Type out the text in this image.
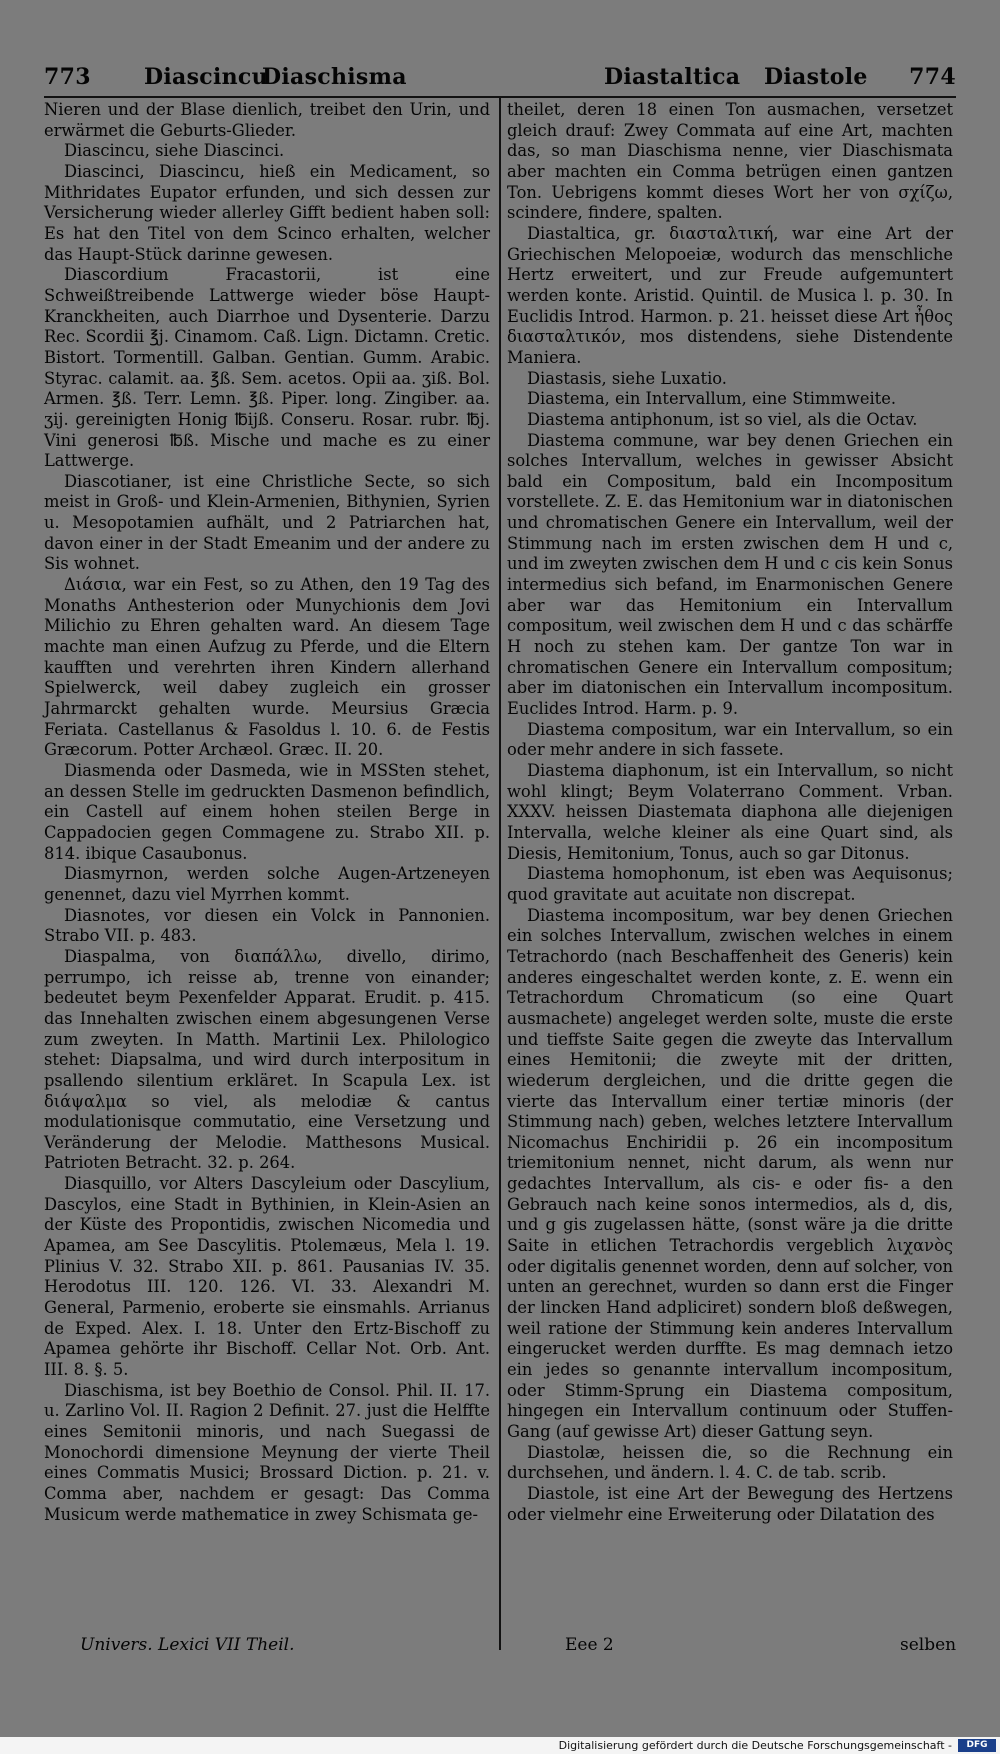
773 Diascincu
Diaschisma	Diastaltica Diastole 774

Nieren und der Blase dienlich, treibet den Urin, und erwärmet die Geburts-Glieder.

Diascincu, siehe Diascinci.

Diascinci, Diascincu, hieß ein Medicament, so Mithridates Eupator erfunden, und sich dessen zur Versicherung wieder allerley Gifft bedient haben soll: Es hat den Titel von dem Scinco erhalten, welcher das Haupt-Stück darinne gewesen.

Diascordium Fracastorii, ist eine Schweißtreibende Lattwerge wieder böse Haupt-Kranckheiten, auch Diarrhoe und Dysenterie. Darzu Rec. Scordii ℥j. Cinamom. Caß. Lign. Dictamn. Cretic. Bistort. Tormentill. Galban. Gentian. Gumm. Arabic. Styrac. calamit. aa. ℥ß. Sem. acetos. Opii aa. ʒiß. Bol. Armen. ℥ß. Terr. Lemn. ℥ß. Piper. long. Zingiber. aa. ʒij. gereinigten Honig ℔ijß. Conseru. Rosar. rubr. ℔j. Vini generosi ℔ß. Mische und mache es zu einer Lattwerge.

Diascotianer, ist eine Christliche Secte, so sich meist in Groß- und Klein-Armenien, Bithynien, Syrien u. Mesopotamien aufhält, und 2 Patriarchen hat, davon einer in der Stadt Emeanim und der andere zu Sis wohnet.

Διάσια, war ein Fest, so zu Athen, den 19 Tag des Monaths Anthesterion oder Munychionis dem Jovi Milichio zu Ehren gehalten ward. An diesem Tage machte man einen Aufzug zu Pferde, und die Eltern kaufften und verehrten ihren Kindern allerhand Spielwerck, weil dabey zugleich ein grosser Jahrmarckt gehalten wurde. Meursius Græcia Feriata. Castellanus & Fasoldus l. 10. 6. de Festis Græcorum. Potter Archæol. Græc. II. 20.

Diasmenda oder Dasmeda, wie in MSSten stehet, an dessen Stelle im gedruckten Dasmenon befindlich, ein Castell auf einem hohen steilen Berge in Cappadocien gegen Commagene zu. Strabo XII. p. 814. ibique Casaubonus.

Diasmyrnon, werden solche Augen-Artzeneyen genennet, dazu viel Myrrhen kommt.

Diasnotes, vor diesen ein Volck in Pannonien. Strabo VII. p. 483.

Diaspalma, von διαπάλλω, divello, dirimo, perrumpo, ich reisse ab, trenne von einander; bedeutet beym Pexenfelder Apparat. Erudit. p. 415. das Innehalten zwischen einem abgesungenen Verse zum zweyten. In Matth. Martinii Lex. Philologico stehet: Diapsalma, und wird durch interpositum in psallendo silentium erkläret. In Scapula Lex. ist διάψαλμα so viel, als melodiæ & cantus modulationisque commutatio, eine Versetzung und Veränderung der Melodie. Matthesons Musical. Patrioten Betracht. 32. p. 264.

Diasquillo, vor Alters Dascyleium oder Dascylium, Dascylos, eine Stadt in Bythinien, in Klein-Asien an der Küste des Propontidis, zwischen Nicomedia und Apamea, am See Dascylitis. Ptolemæus, Mela l. 19. Plinius V. 32. Strabo XII. p. 861. Pausanias IV. 35. Herodotus III. 120. 126. VI. 33. Alexandri M. General, Parmenio, eroberte sie einsmahls. Arrianus de Exped. Alex. I. 18. Unter den Ertz-Bischoff zu Apamea gehörte ihr Bischoff. Cellar Not. Orb. Ant. III. 8. §. 5.

Diaschisma, ist bey Boethio de Consol. Phil. II. 17. u. Zarlino Vol. II. Ragion 2 Definit. 27. just die Helffte eines Semitonii minoris, und nach Suegassi de Monochordi dimensione Meynung der vierte Theil eines Commatis Musici; Brossard Diction. p. 21. v. Comma aber, nachdem er gesagt: Das Comma Musicum werde mathematice in zwey Schismata ge-

theilet, deren 18 einen Ton ausmachen, versetzet gleich drauf: Zwey Commata auf eine Art, machten das, so man Diaschisma nenne, vier Diaschismata aber machten ein Comma betrügen einen gantzen Ton. Uebrigens kommt dieses Wort her von σχίζω, scindere, findere, spalten.

Diastaltica, gr. διασταλτική, war eine Art der Griechischen Melopoeiæ, wodurch das menschliche Hertz erweitert, und zur Freude aufgemuntert werden konte. Aristid. Quintil. de Musica l. p. 30. In Euclidis Introd. Harmon. p. 21. heisset diese Art ἦθος διασταλτικόν, mos distendens, siehe Distendente Maniera.

Diastasis, siehe Luxatio.

Diastema, ein Intervallum, eine Stimmweite.

Diastema antiphonum, ist so viel, als die Octav.

Diastema commune, war bey denen Griechen ein solches Intervallum, welches in gewisser Absicht bald ein Compositum, bald ein Incompositum vorstellete. Z. E. das Hemitonium war in diatonischen und chromatischen Genere ein Intervallum, weil der Stimmung nach im ersten zwischen dem H und c, und im zweyten zwischen dem H und c cis kein Sonus intermedius sich befand, im Enarmonischen Genere aber war das Hemitonium ein Intervallum compositum, weil zwischen dem H und c das schärffe H noch zu stehen kam. Der gantze Ton war in chromatischen Genere ein Intervallum compositum; aber im diatonischen ein Intervallum incompositum. Euclides Introd. Harm. p. 9.

Diastema compositum, war ein Intervallum, so ein oder mehr andere in sich fassete.

Diastema diaphonum, ist ein Intervallum, so nicht wohl klingt; Beym Volaterrano Comment. Vrban. XXXV. heissen Diastemata diaphona alle diejenigen Intervalla, welche kleiner als eine Quart sind, als Diesis, Hemitonium, Tonus, auch so gar Ditonus.

Diastema homophonum, ist eben was Aequisonus; quod gravitate aut acuitate non discrepat.

Diastema incompositum, war bey denen Griechen ein solches Intervallum, zwischen welches in einem Tetrachordo (nach Beschaffenheit des Generis) kein anderes eingeschaltet werden konte, z. E. wenn ein Tetrachordum Chromaticum (so eine Quart ausmachete) angeleget werden solte, muste die erste und tieffste Saite gegen die zweyte das Intervallum eines Hemitonii; die zweyte mit der dritten, wiederum dergleichen, und die dritte gegen die vierte das Intervallum einer tertiæ minoris (der Stimmung nach) geben, welches letztere Intervallum Nicomachus Enchiridii p. 26 ein incompositum triemitonium nennet, nicht darum, als wenn nur gedachtes Intervallum, als cis- e oder fis- a den Gebrauch nach keine sonos intermedios, als d, dis, und g gis zugelassen hätte, (sonst wäre ja die dritte Saite in etlichen Tetrachordis vergeblich λιχανὸς oder digitalis genennet worden, denn auf solcher, von unten an gerechnet, wurden so dann erst die Finger der lincken Hand adpliciret) sondern bloß deßwegen, weil ratione der Stimmung kein anderes Intervallum eingerucket werden durffte. Es mag demnach ietzo ein jedes so genannte intervallum incompositum, oder Stimm-Sprung ein Diastema compositum, hingegen ein Intervallum continuum oder Stuffen-Gang (auf gewisse Art) dieser Gattung seyn.

Diastolæ, heissen die, so die Rechnung ein durchsehen, und ändern. l. 4. C. de tab. scrib.

Diastole, ist eine Art der Bewegung des Hertzens oder vielmehr eine Erweiterung oder Dilatation des

Univers. Lexici VII Theil.	Eee 2	selben
Digitalisierung gefördert durch die Deutsche Forschungsgemeinschaft -	DFG
